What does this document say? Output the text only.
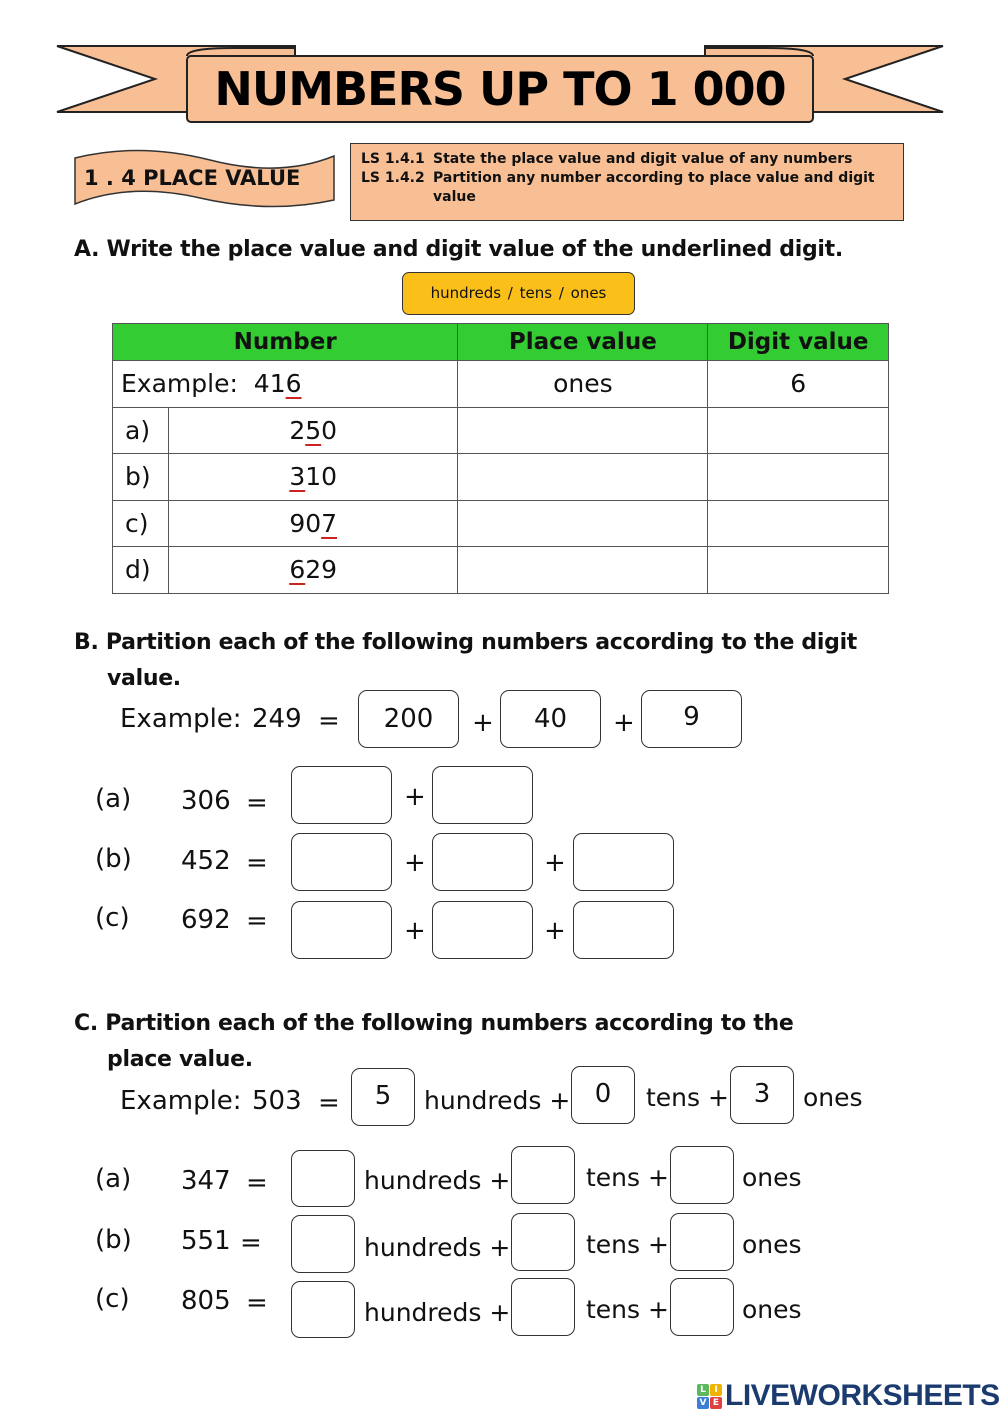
NUMBERS UP TO 1 000
1 . 4 PLACE VALUE
LS 1.4.1 State the place value and digit value of any numbers
LS 1.4.2 Partition any number according to place value and digit value
A. Write the place value and digit value of the underlined digit.
hundreds / tens / ones
Number		Place value	Digit value
Example: 416		ones	6
a)	250		
b)	310		
c)	907		
d)	629		
B. Partition each of the following numbers according to the digit
value.
Example: 249 =	200	+	40	+	9
(a) 306 =	+
(b) 452 =	+	+
(c) 692 =	+	+
C. Partition each of the following numbers according to the
place value.
Example: 503 =	5	hundreds + 0	tens + 3	ones
(a) 347 =	hundreds +	tens +	ones
(b) 551 =	hundreds +	tens +	ones
(c) 805 =	hundreds +	tens +	ones
L I
V E LIVEWORKSHEETS
